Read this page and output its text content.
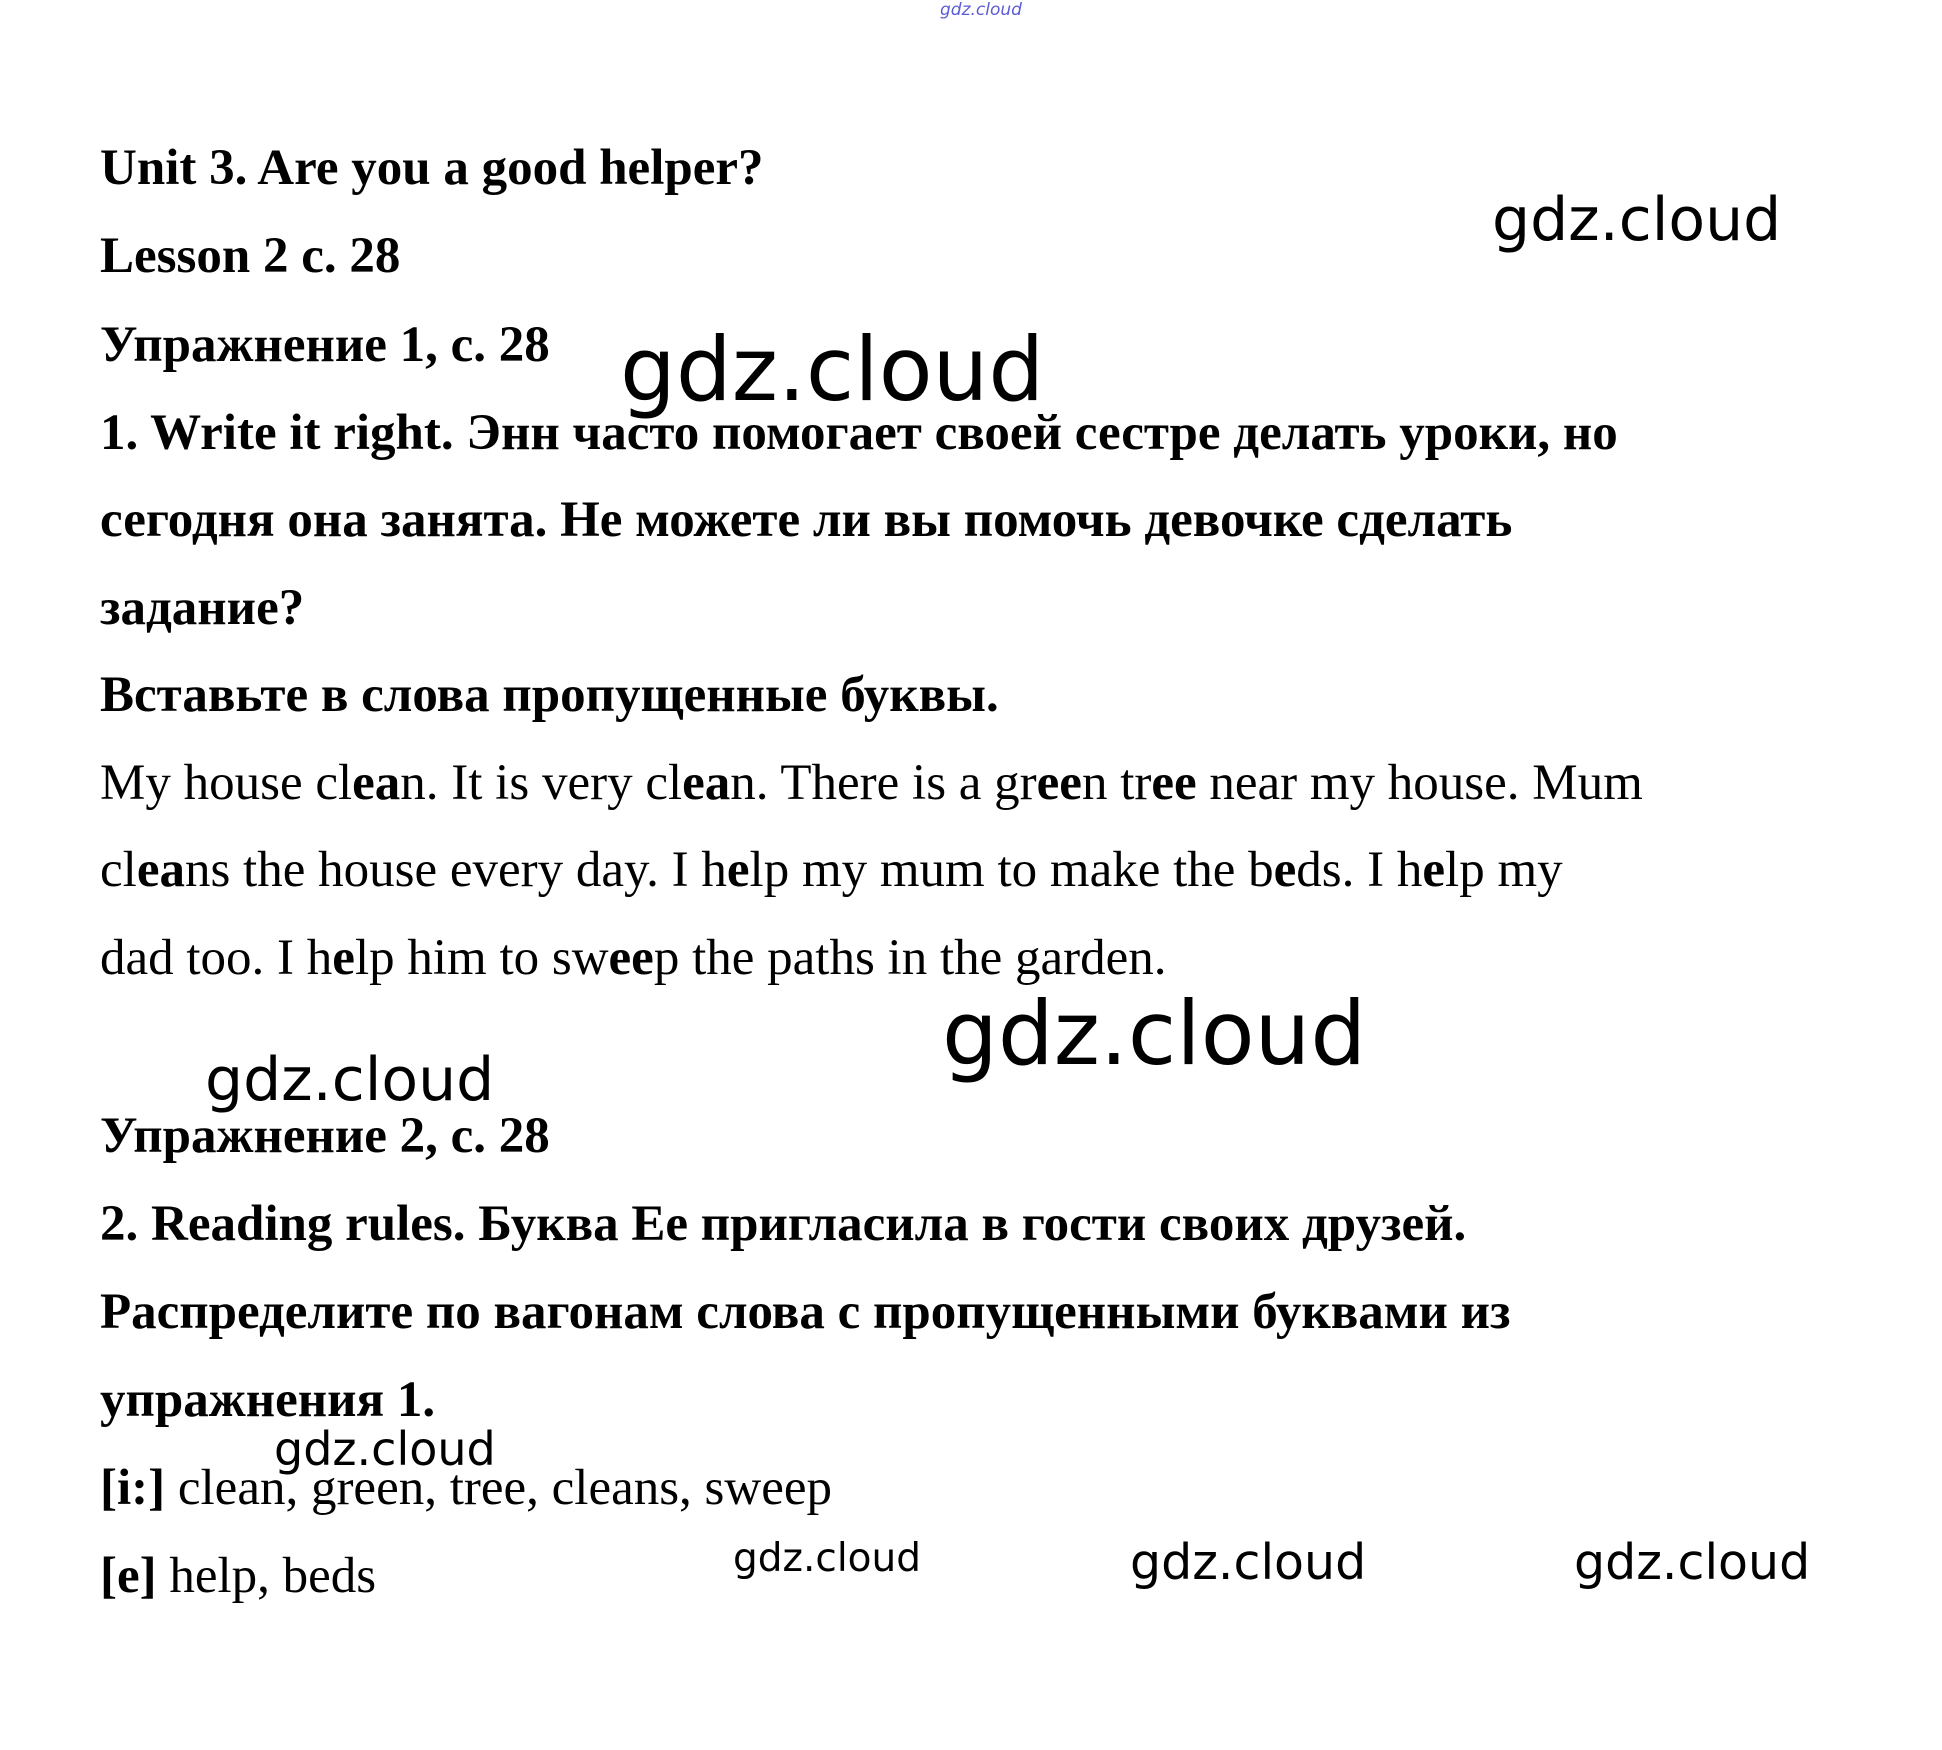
gdz.cloud
Unit 3. Are you a good helper?
Lesson 2 с. 28
Упражнение 1, с. 28
1. Write it right. Энн часто помогает своей сестре делать уроки, но
сегодня она занята. Не можете ли вы помочь девочке сделать
задание?
Вставьте в слова пропущенные буквы.
My house clean. It is very clean. There is a green tree near my house. Mum
cleans the house every day. I help my mum to make the beds. I help my
dad too. I help him to sweep the paths in the garden.
Упражнение 2, с. 28
2. Reading rules. Буква Ее пригласила в гости своих друзей.
Распределите по вагонам слова с пропущенными буквами из
упражнения 1.
[i:] clean, green, tree, cleans, sweep
[e] help, beds
gdz.cloud
gdz.cloud
gdz.cloud
gdz.cloud
gdz.cloud
gdz.cloud	gdz.cloud	gdz.cloud
